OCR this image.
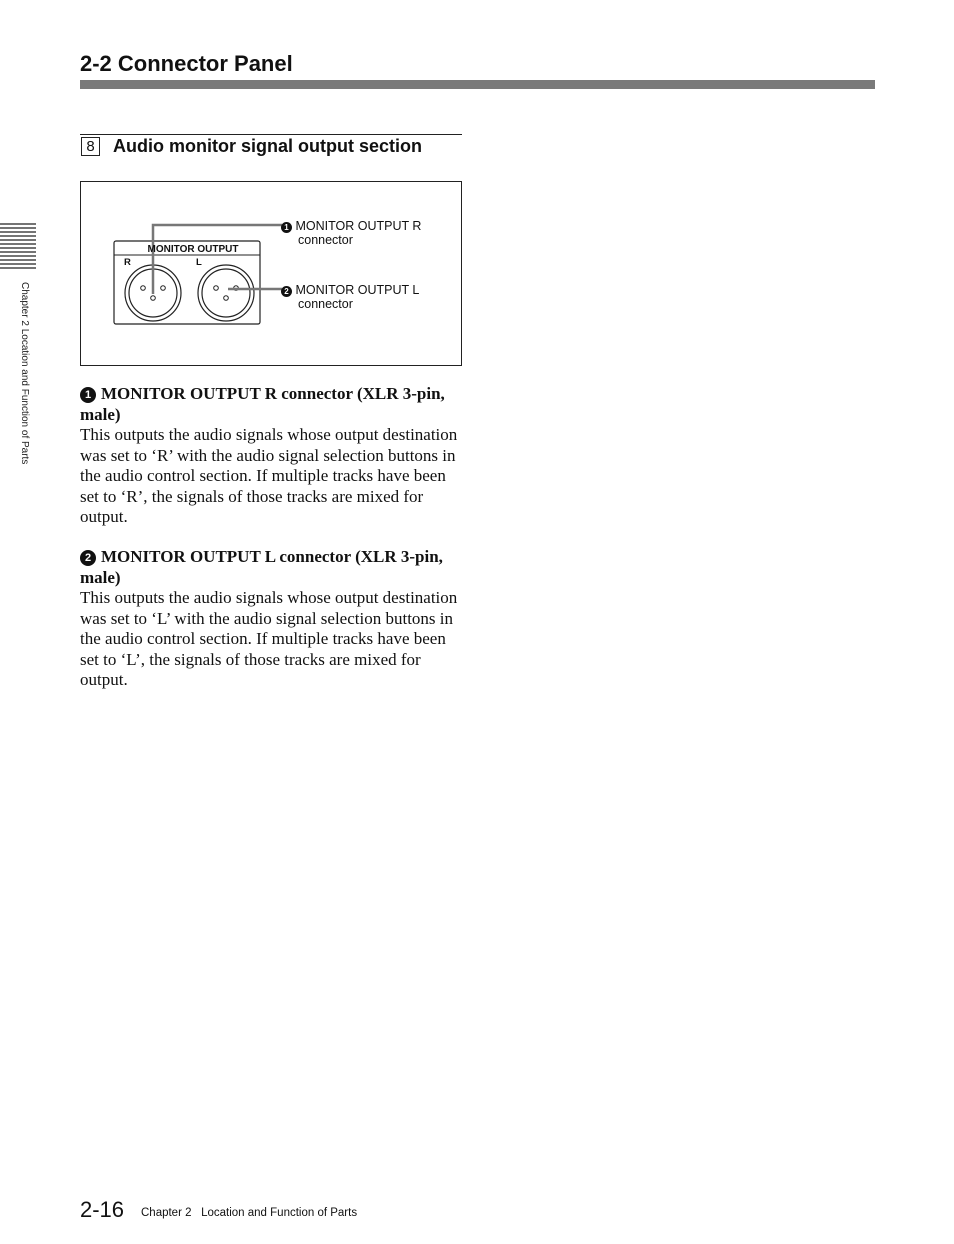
2-2 Connector Panel
8 Audio monitor signal output section
MONITOR OUTPUT
R	L
1 MONITOR OUTPUT R
connector
2 MONITOR OUTPUT L
connector

1 MONITOR OUTPUT R connector (XLR 3-pin, male)

This outputs the audio signals whose output destination was set to ‘R’ with the audio signal selection buttons in the audio control section. If multiple tracks have been set to ‘R’, the signals of those tracks are mixed for output.

2 MONITOR OUTPUT L connector (XLR 3-pin, male)

This outputs the audio signals whose output destination was set to ‘L’ with the audio signal selection buttons in the audio control section. If multiple tracks have been set to ‘L’, the signals of those tracks are mixed for output.

Chapter 2 Location and Function of Parts
2-16 Chapter 2   Location and Function of Parts
